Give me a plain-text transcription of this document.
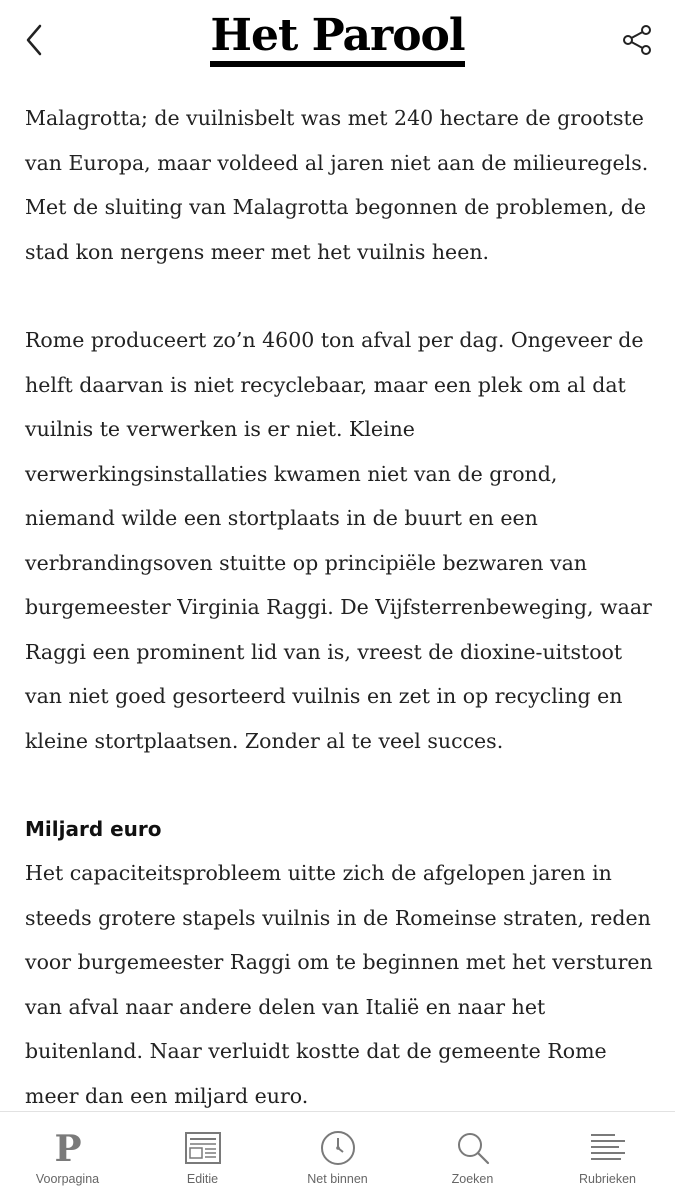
Het Parool

Malagrotta; de vuilnisbelt was met 240 hectare de grootste van Europa, maar voldeed al jaren niet aan de milieuregels. Met de sluiting van Malagrotta begonnen de problemen, de stad kon nergens meer met het vuilnis heen.

Rome produceert zo’n 4600 ton afval per dag. Ongeveer de helft daarvan is niet recyclebaar, maar een plek om al dat vuilnis te verwerken is er niet. Kleine verwerkingsinstallaties kwamen niet van de grond, niemand wilde een stortplaats in de buurt en een verbrandingsoven stuitte op principiële bezwaren van burgemeester Virginia Raggi. De Vijfsterrenbeweging, waar Raggi een prominent lid van is, vreest de dioxine-uitstoot van niet goed gesorteerd vuilnis en zet in op recycling en kleine stortplaatsen. Zonder al te veel succes.

Miljard euro

Het capaciteitsprobleem uitte zich de afgelopen jaren in steeds grotere stapels vuilnis in de Romeinse straten, reden voor burgemeester Raggi om te beginnen met het versturen van afval naar andere delen van Italië en naar het buitenland. Naar verluidt kostte dat de gemeente Rome meer dan een miljard euro.

P
Voorpagina	Editie	Net binnen	Zoeken	Rubrieken
